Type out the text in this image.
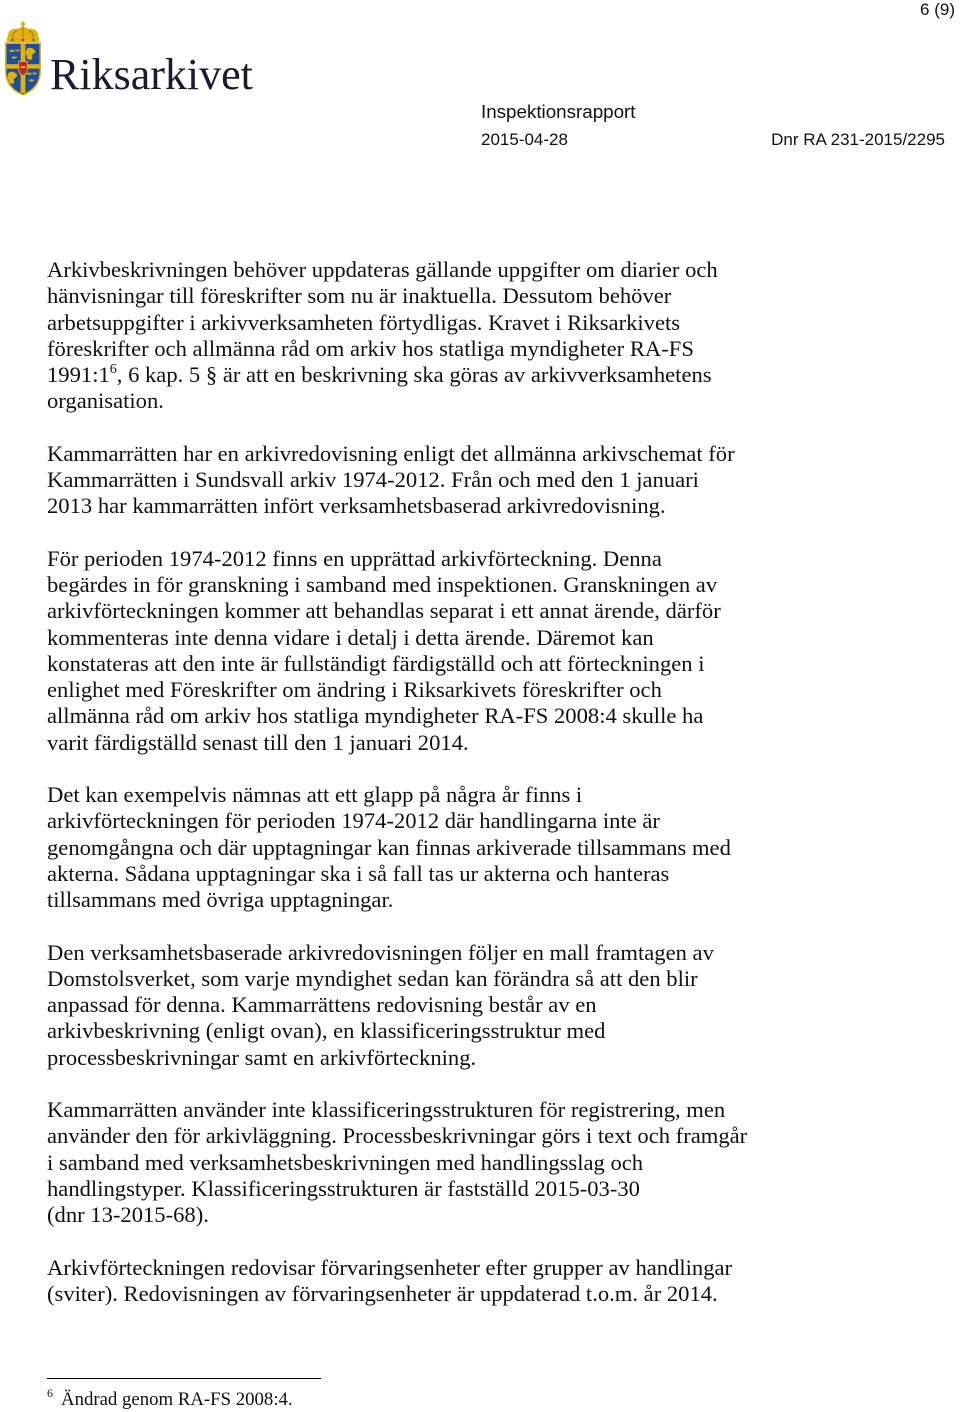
6 (9)
Riksarkivet
Inspektionsrapport
2015-04-28	Dnr RA 231-2015/2295
Arkivbeskrivningen behöver uppdateras gällande uppgifter om diarier och
hänvisningar till föreskrifter som nu är inaktuella. Dessutom behöver
arbetsuppgifter i arkivverksamheten förtydligas. Kravet i Riksarkivets
föreskrifter och allmänna råd om arkiv hos statliga myndigheter RA-FS
$1991:1^6$, 6 kap. 5 § är att en beskrivning ska göras av arkivverksamhetens
organisation.
Kammarrätten har en arkivredovisning enligt det allmänna arkivschemat för
Kammarrätten i Sundsvall arkiv 1974-2012. Från och med den 1 januari
2013 har kammarrätten infört verksamhetsbaserad arkivredovisning.
För perioden 1974-2012 finns en upprättad arkivförteckning. Denna
begärdes in för granskning i samband med inspektionen. Granskningen av
arkivförteckningen kommer att behandlas separat i ett annat ärende, därför
kommenteras inte denna vidare i detalj i detta ärende. Däremot kan
konstateras att den inte är fullständigt färdigställd och att förteckningen i
enlighet med Föreskrifter om ändring i Riksarkivets föreskrifter och
allmänna råd om arkiv hos statliga myndigheter RA-FS 2008:4 skulle ha
varit färdigställd senast till den 1 januari 2014.
Det kan exempelvis nämnas att ett glapp på några år finns i
arkivförteckningen för perioden 1974-2012 där handlingarna inte är
genomgångna och där upptagningar kan finnas arkiverade tillsammans med
akterna. Sådana upptagningar ska i så fall tas ur akterna och hanteras
tillsammans med övriga upptagningar.
Den verksamhetsbaserade arkivredovisningen följer en mall framtagen av
Domstolsverket, som varje myndighet sedan kan förändra så att den blir
anpassad för denna. Kammarrättens redovisning består av en
arkivbeskrivning (enligt ovan), en klassificeringsstruktur med
processbeskrivningar samt en arkivförteckning.
Kammarrätten använder inte klassificeringsstrukturen för registrering, men
använder den för arkivläggning. Processbeskrivningar görs i text och framgår
i samband med verksamhetsbeskrivningen med handlingsslag och
handlingstyper. Klassificeringsstrukturen är fastställd 2015-03-30
(dnr 13-2015-68).
Arkivförteckningen redovisar förvaringsenheter efter grupper av handlingar
(sviter). Redovisningen av förvaringsenheter är uppdaterad t.o.m. år 2014.
$^6$ Ändrad genom RA-FS 2008:4.
